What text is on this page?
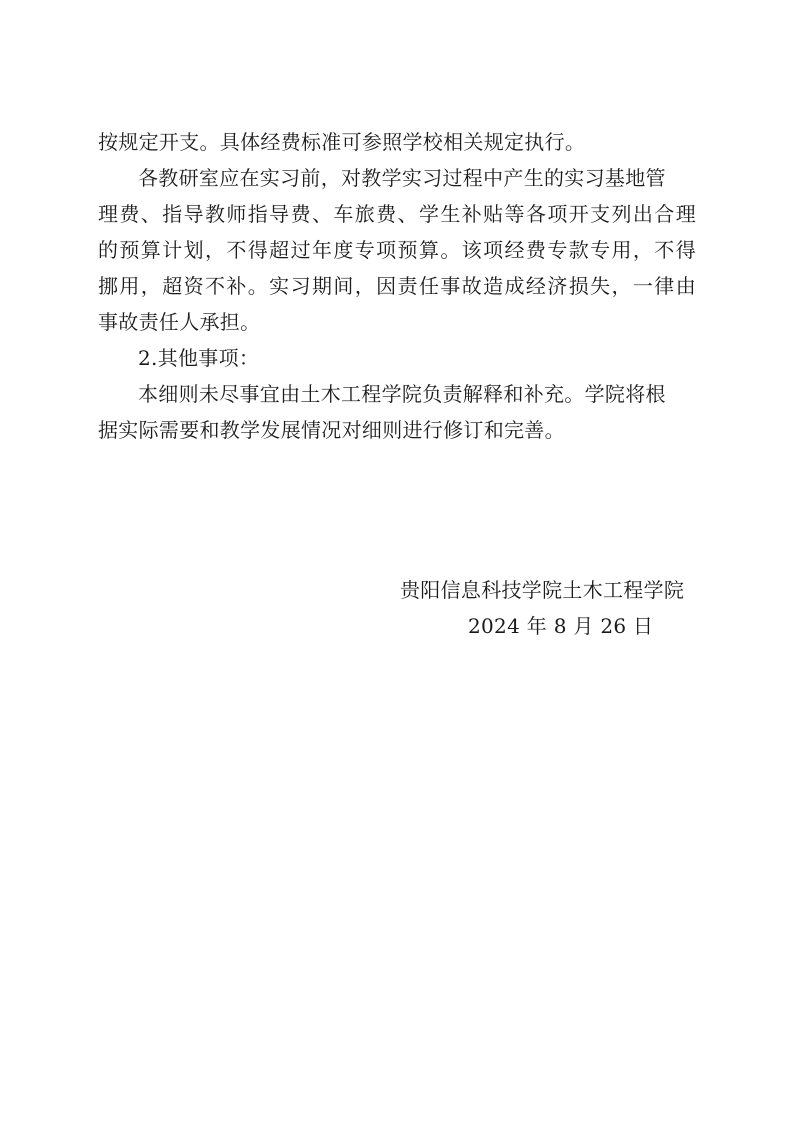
按规定开支。具体经费标准可参照学校相关规定执行。
各教研室应在实习前，对教学实习过程中产生的实习基地管
理费、指导教师指导费、车旅费、学生补贴等各项开支列出合理
的预算计划，不得超过年度专项预算。该项经费专款专用，不得
挪用，超资不补。实习期间，因责任事故造成经济损失，一律由
事故责任人承担。
2.其他事项：
本细则未尽事宜由土木工程学院负责解释和补充。学院将根
据实际需要和教学发展情况对细则进行修订和完善。
贵阳信息科技学院土木工程学院
2024 年 8 月 26 日
